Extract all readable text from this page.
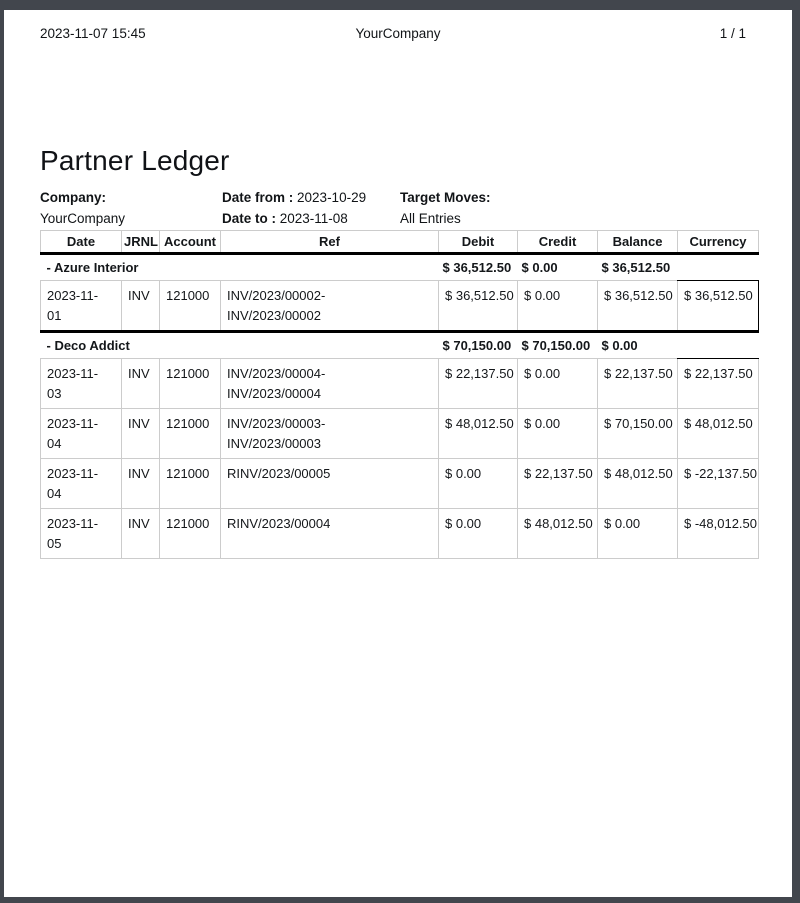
2023-11-07 15:45	YourCompany	1 / 1
Partner Ledger
Company:
YourCompany
Date from : 2023-10-29
Date to : 2023-11-08
Target Moves:
All Entries
Date	JRNL	Account	Ref	Debit	Credit	Balance	Currency
- Azure Interior				$ 36,512.50	$ 0.00	$ 36,512.50	

2023-11-01	INV	121000	INV/2023/00002-INV/2023/00002	$ 36,512.50	$ 0.00	$ 36,512.50	$ 36,512.50
- Deco Addict				$ 70,150.00	$ 70,150.00	$ 0.00	

2023-11-03	INV	121000	INV/2023/00004-INV/2023/00004	$ 22,137.50	$ 0.00	$ 22,137.50	$ 22,137.50

2023-11-04	INV	121000	INV/2023/00003-INV/2023/00003	$ 48,012.50	$ 0.00	$ 70,150.00	$ 48,012.50

2023-11-04	INV	121000	RINV/2023/00005	$ 0.00	$ 22,137.50	$ 48,012.50	$ -22,137.50

2023-11-05	INV	121000	RINV/2023/00004	$ 0.00	$ 48,012.50	$ 0.00	$ -48,012.50
